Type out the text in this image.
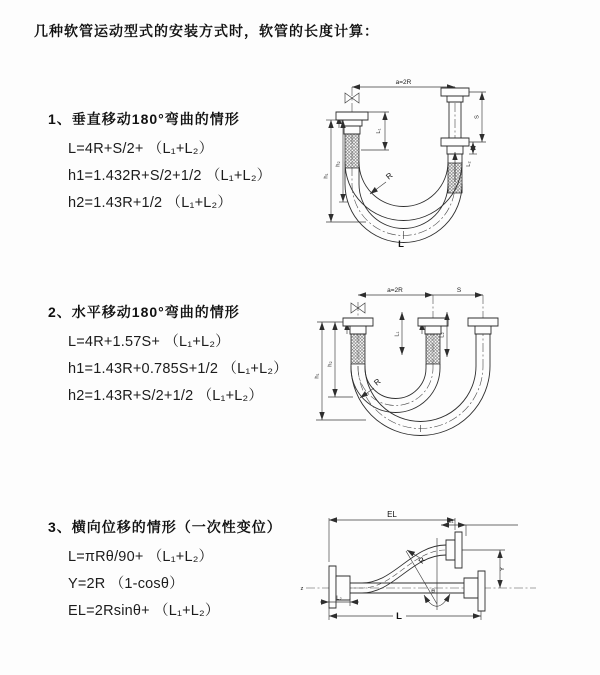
几种软管运动型式的安装方式时，软管的长度计算：
1、垂直移动180°弯曲的情形
L=4R+S/2+ （L₁+L₂）
h1=1.432R+S/2+1/2 （L₁+L₂）
h2=1.43R+1/2 （L₁+L₂）
2、水平移动180°弯曲的情形
L=4R+1.57S+ （L₁+L₂）
h1=1.43R+0.785S+1/2 （L₁+L₂）
h2=1.43R+S/2+1/2 （L₁+L₂）
3、横向位移的情形（一次性变位）
L=πRθ/90+ （L₁+L₂）
Y=2R （1-cosθ）
EL=2Rsinθ+ （L₁+L₂）
a=2R
L₁
S
L₂
h₁
h₂
R
L
a=2R	S
L₁	L₂
h₁
h₂
R
z
EL
L₁
Y
R
θ
L₂
L
